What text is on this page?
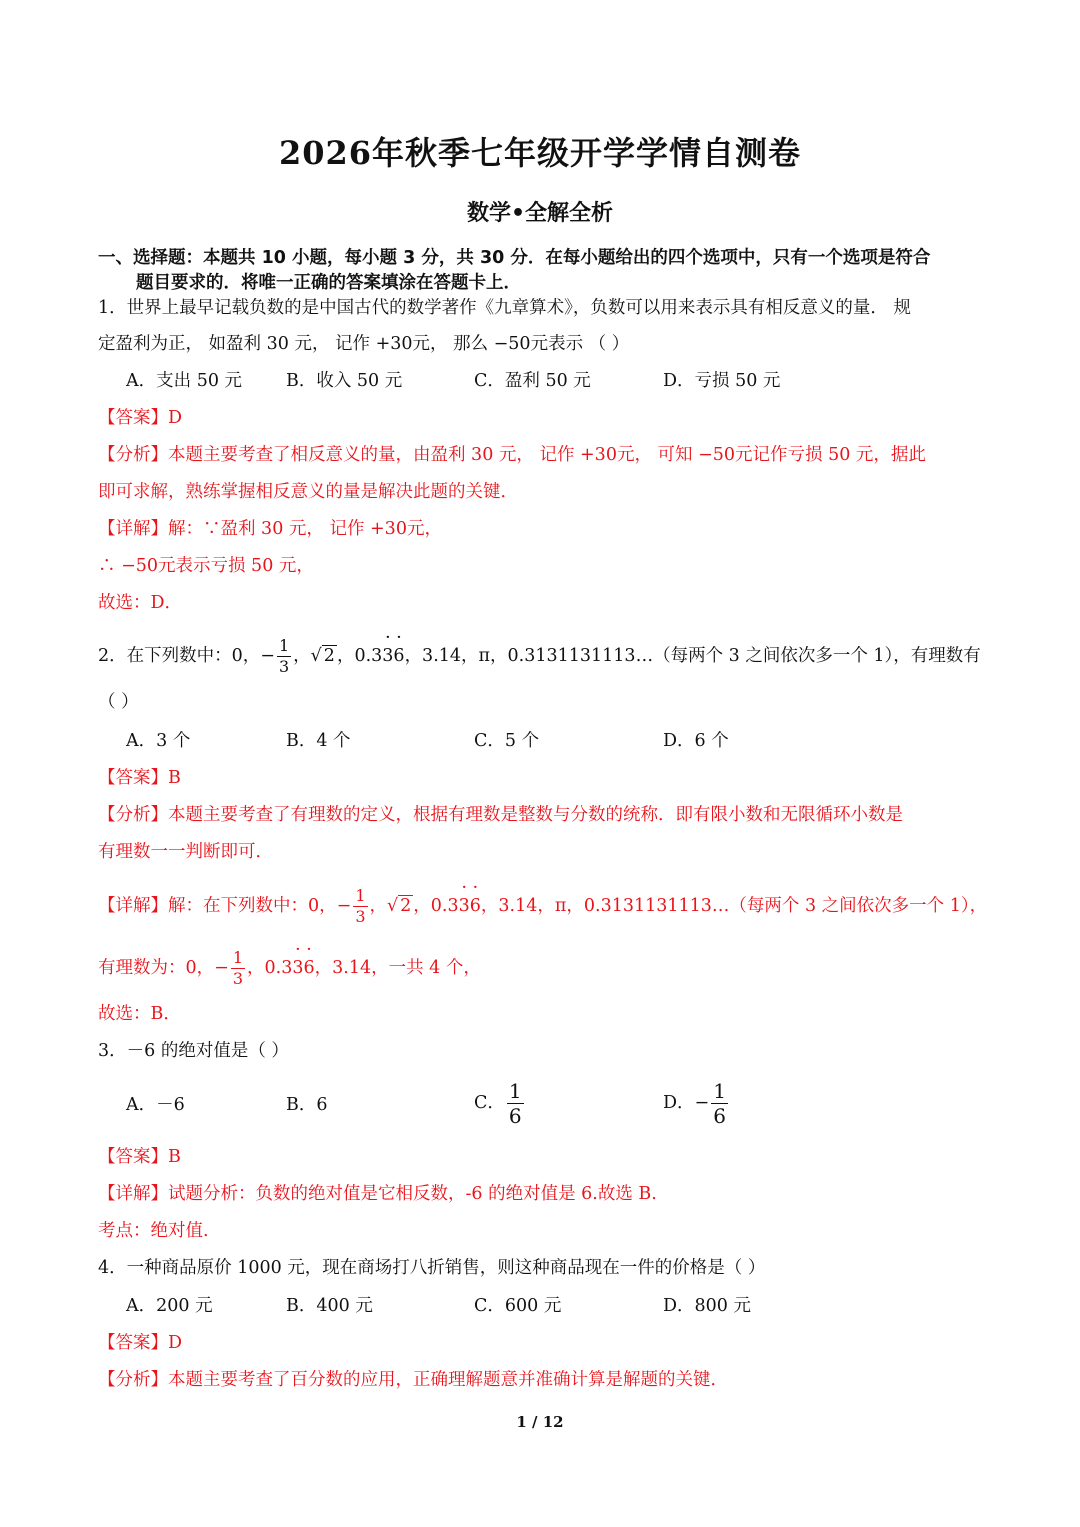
2026年秋季七年级开学学情自测卷
数学•全解全析
一、选择题：本题共 10 小题，每小题 3 分，共 30 分．在每小题给出的四个选项中，只有一个选项是符合
题目要求的．将唯一正确的答案填涂在答题卡上．
1．世界上最早记载负数的是中国古代的数学著作《九章算术》，负数可以用来表示具有相反意义的量． 规
定盈利为正， 如盈利 30 元， 记作 +30元， 那么 −50元表示 （ ）
A．支出 50 元	B．收入 50 元	C．盈利 50 元	D．亏损 50 元
【答案】D
【分析】本题主要考查了相反意义的量，由盈利 30 元， 记作 +30元， 可知 −50元记作亏损 50 元，据此
即可求解，熟练掌握相反意义的量是解决此题的关键．
【详解】解：∵盈利 30 元， 记作 +30元，
∴ −50元表示亏损 50 元，
故选：D．
2．在下列数中：0，− $\frac{1}{3}$ ，√ 2 ，0.3· 3· 6，3.14，π，0.3131131113…（每两个 3 之间依次多一个 1），有理数有
（ ）
A．3 个	B．4 个	C．5 个	D．6 个
【答案】B
【分析】本题主要考查了有理数的定义，根据有理数是整数与分数的统称．即有限小数和无限循环小数是
有理数一一判断即可．
【详解】解：在下列数中：0，− $\frac{1}{3}$ ，√ 2 ，0.3· 3· 6，3.14，π，0.3131131113…（每两个 3 之间依次多一个 1），
有理数为：0，− $\frac{1}{3}$ ，0.3· 3· 6，3.14，一共 4 个，
故选：B．
3．－6 的绝对值是（ ）
A．－6	B．6	C． $\frac{1}{6}$	D．− $\frac{1}{6}$
【答案】B
【详解】试题分析：负数的绝对值是它相反数，-6 的绝对值是 6.故选 B.
考点：绝对值.
4．一种商品原价 1000 元，现在商场打八折销售，则这种商品现在一件的价格是（ ）
A．200 元	B．400 元	C．600 元	D．800 元
【答案】D
【分析】本题主要考查了百分数的应用，正确理解题意并准确计算是解题的关键．
1 / 12
